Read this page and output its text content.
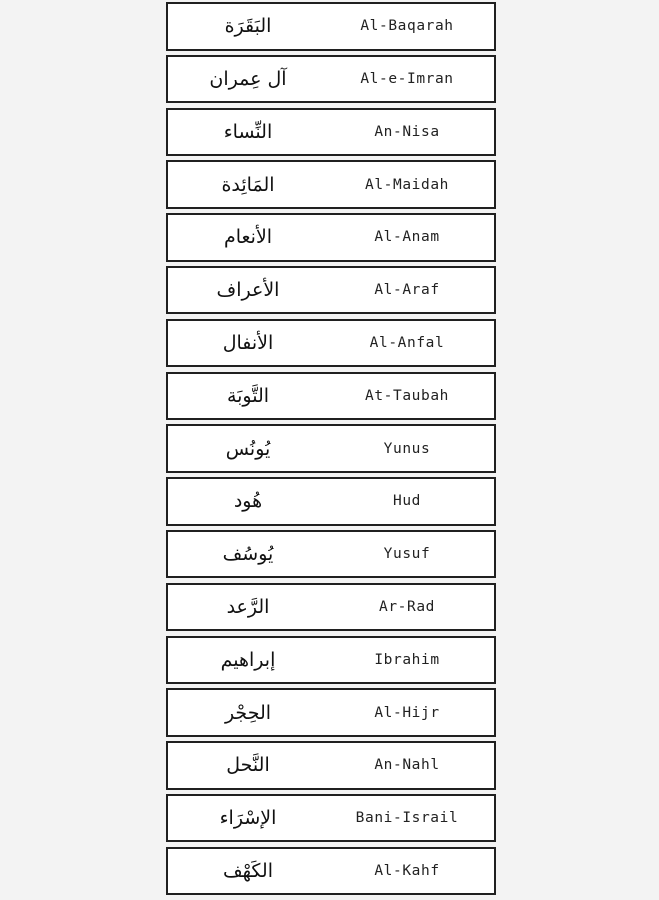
البَقَرَة	Al-Baqarah
آل عِمران	Al-e-Imran
النِّساء	An-Nisa
المَائِدة	Al-Maidah
الأنعام	Al-Anam
الأعراف	Al-Araf
الأنفال	Al-Anfal
التَّوبَة	At-Taubah
يُونُس	Yunus
هُود	Hud
يُوسُف	Yusuf
الرَّعد	Ar-Rad
إبراهيم	Ibrahim
الحِجْر	Al-Hijr
النَّحل	An-Nahl
الإسْرَاء	Bani-Israil
الكَهْف	Al-Kahf
